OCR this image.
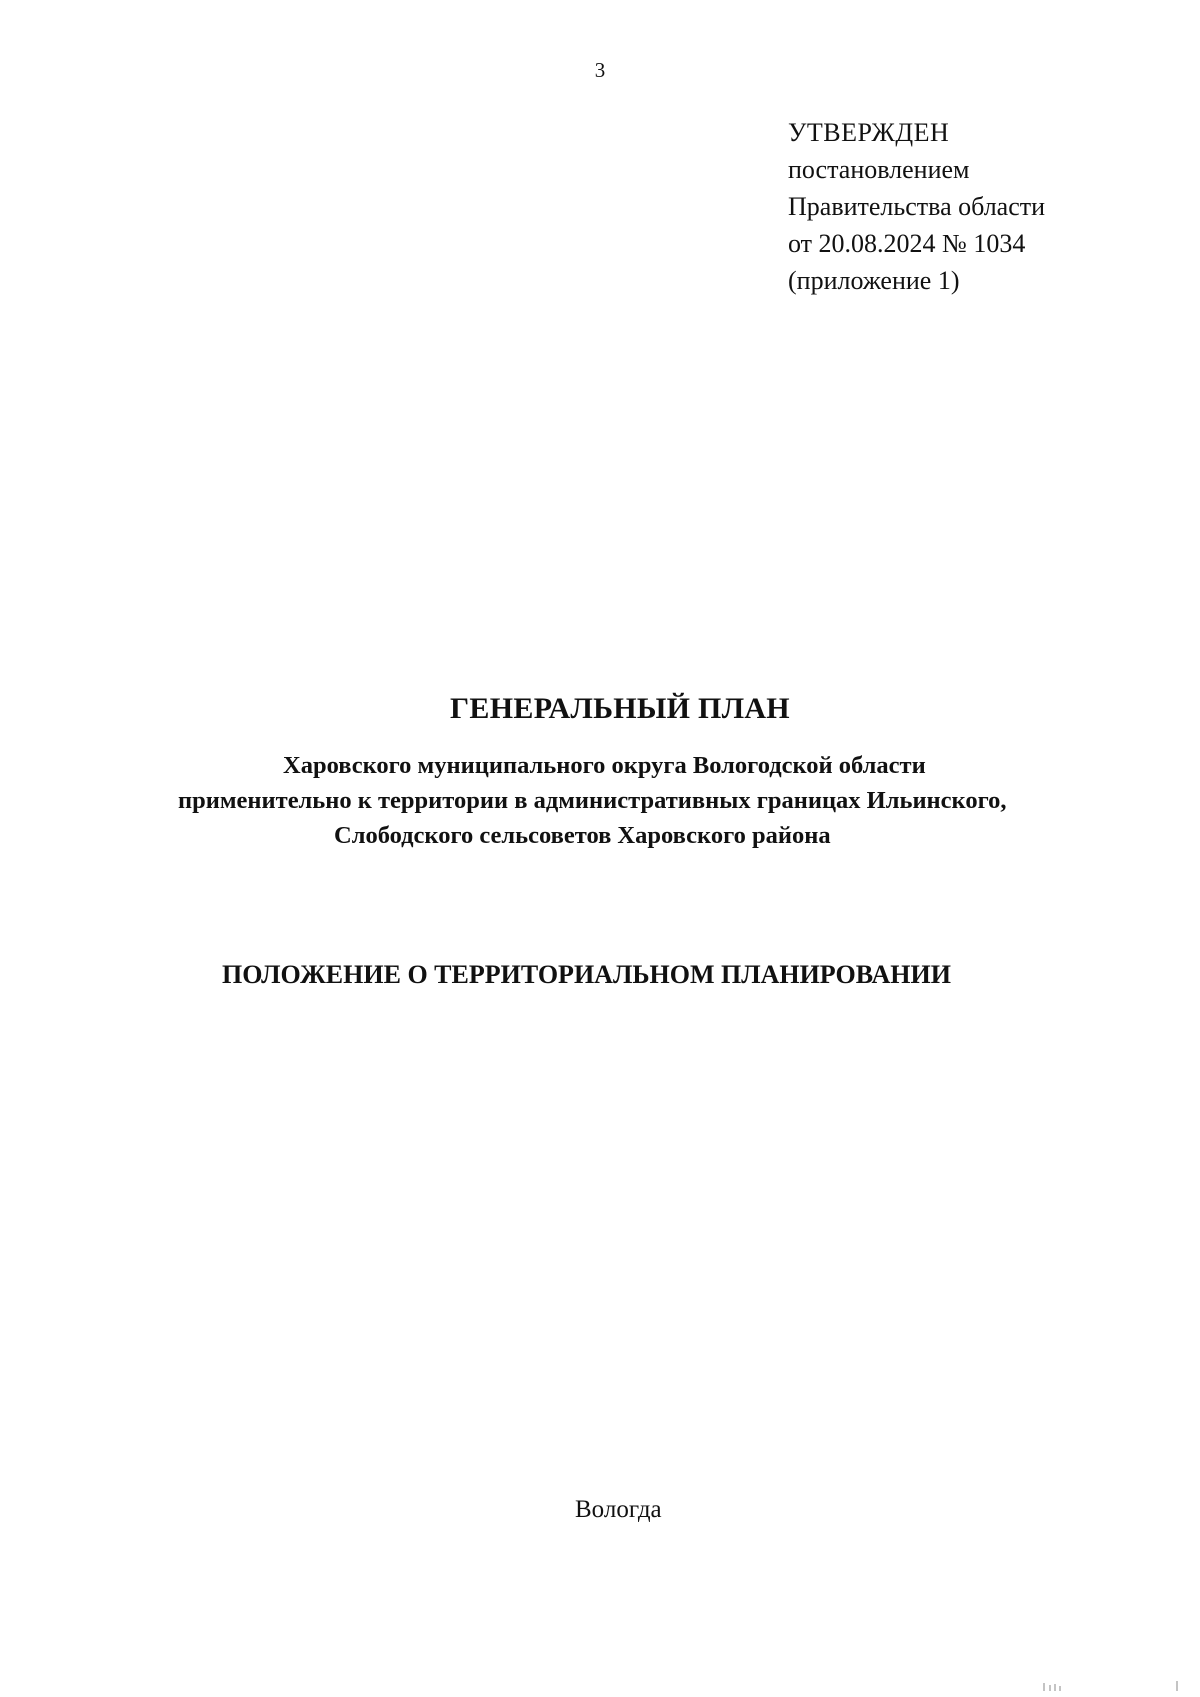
3
УТВЕРЖДЕН
постановлением
Правительства области
от 20.08.2024 № 1034
(приложение 1)
ГЕНЕРАЛЬНЫЙ ПЛАН
Харовского муниципального округа Вологодской области
применительно к территории в административных границах Ильинского,
Слободского сельсоветов Харовского района
ПОЛОЖЕНИЕ О ТЕРРИТОРИАЛЬНОМ ПЛАНИРОВАНИИ
Вологда
